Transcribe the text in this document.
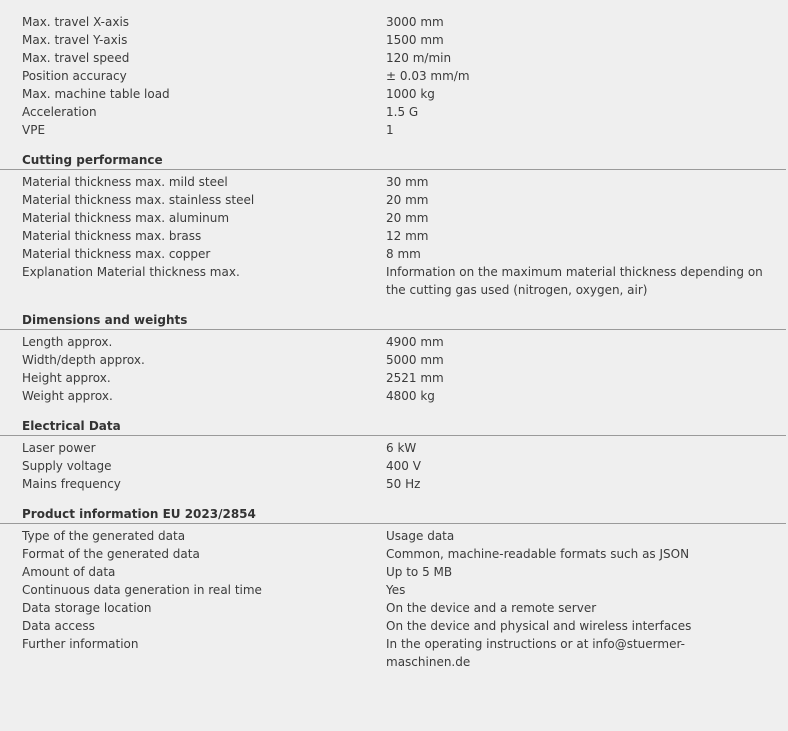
Max. travel X-axis	3000 mm
Max. travel Y-axis	1500 mm
Max. travel speed	120 m/min
Position accuracy	± 0.03 mm/m
Max. machine table load	1000 kg
Acceleration	1.5 G
VPE	1
Cutting performance
Material thickness max. mild steel	30 mm
Material thickness max. stainless steel	20 mm
Material thickness max. aluminum	20 mm
Material thickness max. brass	12 mm
Material thickness max. copper	8 mm
Explanation Material thickness max.	Information on the maximum material thickness depending on the cutting gas used (nitrogen, oxygen, air)
Dimensions and weights
Length approx.	4900 mm
Width/depth approx.	5000 mm
Height approx.	2521 mm
Weight approx.	4800 kg
Electrical Data
Laser power	6 kW
Supply voltage	400 V
Mains frequency	50 Hz
Product information EU 2023/2854
Type of the generated data	Usage data
Format of the generated data	Common, machine-readable formats such as JSON
Amount of data	Up to 5 MB
Continuous data generation in real time	Yes
Data storage location	On the device and a remote server
Data access	On the device and physical and wireless interfaces
Further information	In the operating instructions or at info@stuermer-maschinen.de
